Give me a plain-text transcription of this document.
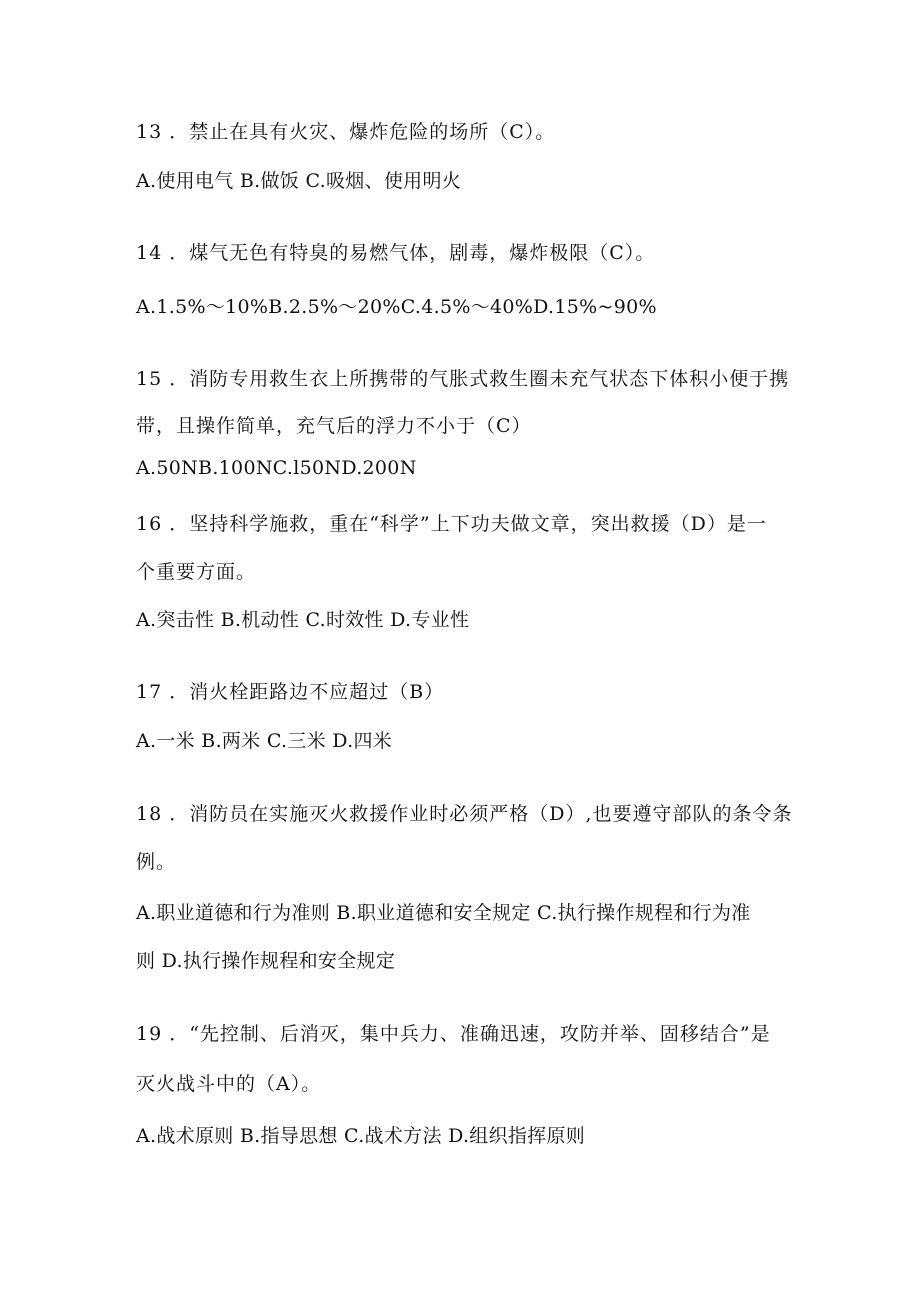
13 ．禁止在具有火灾、爆炸危险的场所（C）。
A.使用电气 B.做饭 C.吸烟、使用明火
14 ．煤气无色有特臭的易燃气体，剧毒，爆炸极限（C）。
A.1.5%～10%B.2.5%～20%C.4.5%～40%D.15%~90%
15 ．消防专用救生衣上所携带的气胀式救生圈未充气状态下体积小便于携
带，且操作简单，充气后的浮力不小于（C）
A.50NB.100NC.l50ND.200N
16 ．坚持科学施救，重在“科学”上下功夫做文章，突出救援（D）是一
个重要方面。
A.突击性 B.机动性 C.时效性 D.专业性
17 ．消火栓距路边不应超过（B）
A.一米 B.两米 C.三米 D.四米
18 ．消防员在实施灭火救援作业时必须严格（D）,也要遵守部队的条令条
例。
A.职业道德和行为准则 B.职业道德和安全规定 C.执行操作规程和行为准
则 D.执行操作规程和安全规定
19 ．“先控制、后消灭，集中兵力、准确迅速，攻防并举、固移结合”是
灭火战斗中的（A）。
A.战术原则 B.指导思想 C.战术方法 D.组织指挥原则
